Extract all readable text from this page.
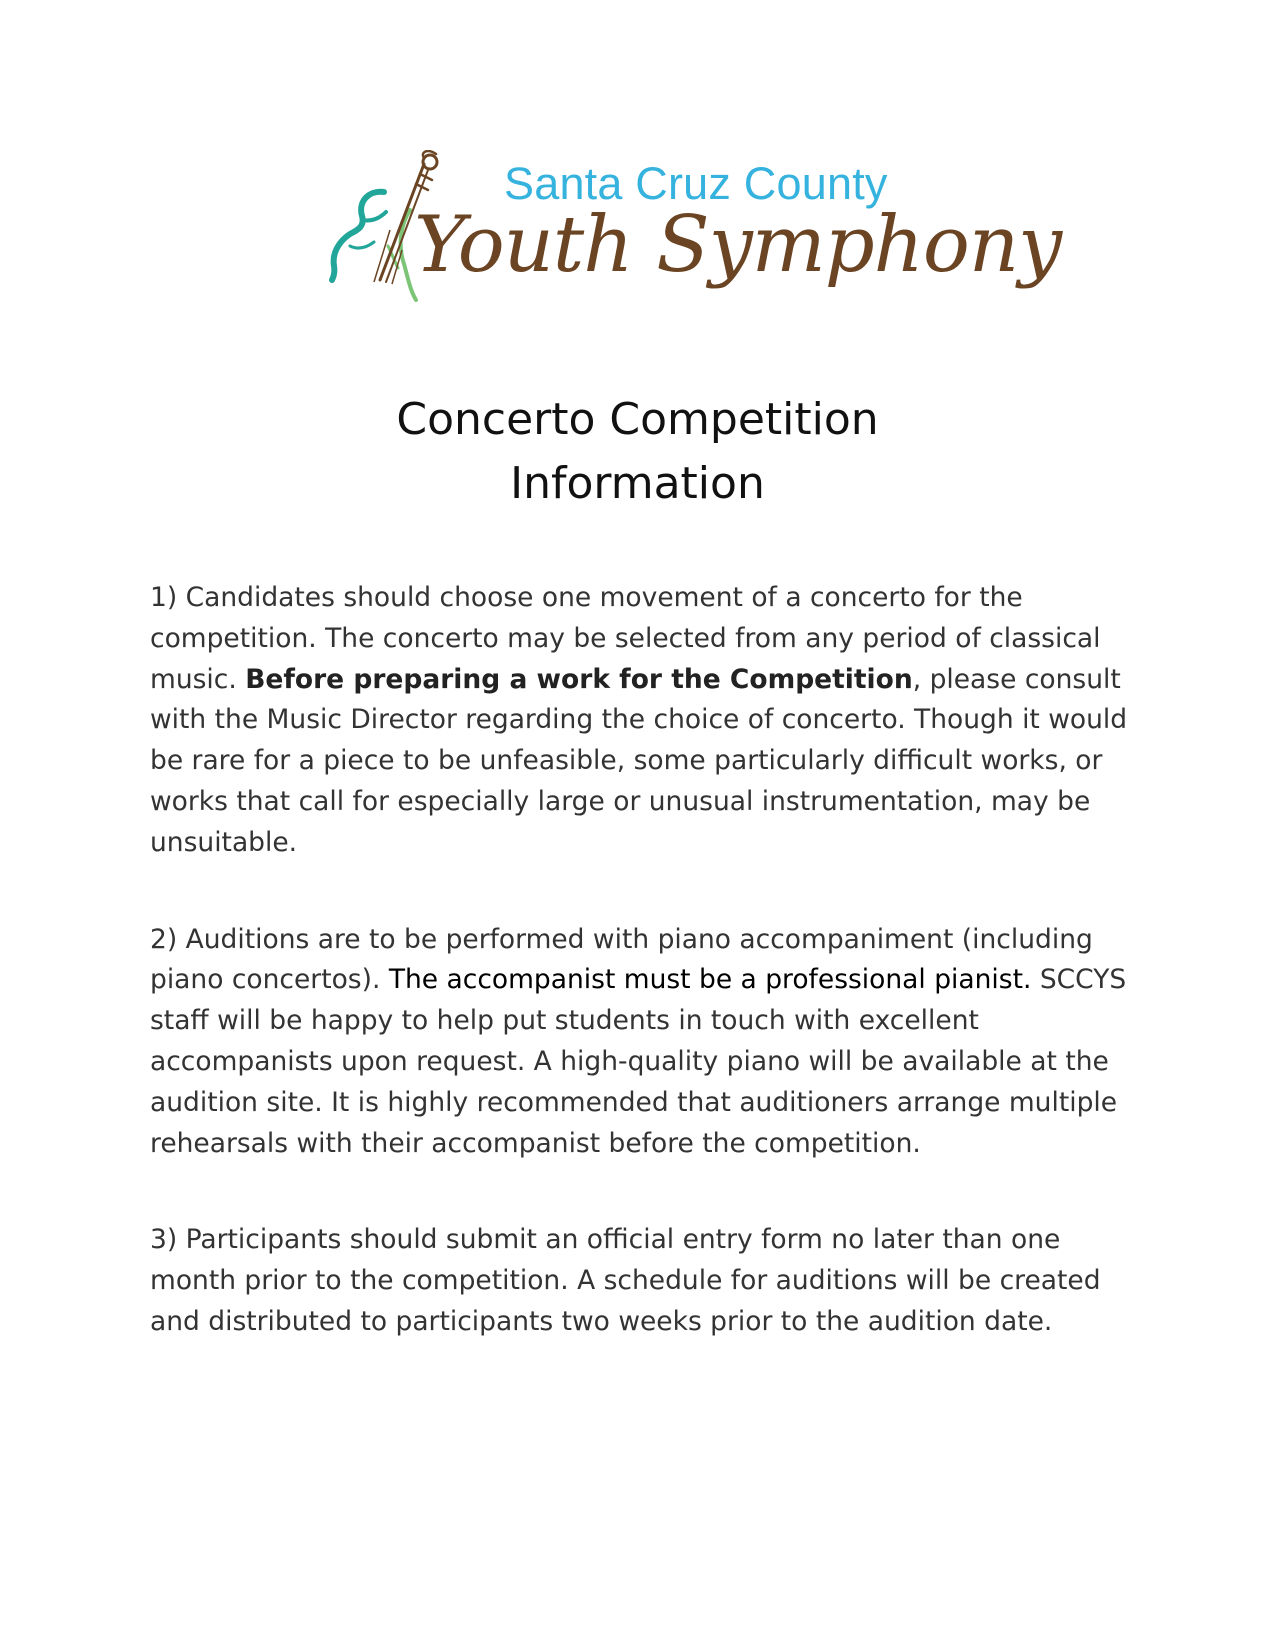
Santa Cruz County
Youth Symphony
Concerto Competition
Information

1) Candidates should choose one movement of a concerto for the competition. The concerto may be selected from any period of classical music. Before preparing a work for the Competition, please consult with the Music Director regarding the choice of concerto. Though it would be rare for a piece to be unfeasible, some particularly difficult works, or works that call for especially large or unusual instrumentation, may be unsuitable.

2) Auditions are to be performed with piano accompaniment (including piano concertos). The accompanist must be a professional pianist. SCCYS staff will be happy to help put students in touch with excellent accompanists upon request. A high-quality piano will be available at the audition site. It is highly recommended that auditioners arrange multiple rehearsals with their accompanist before the competition.

3) Participants should submit an official entry form no later than one month prior to the competition. A schedule for auditions will be created and distributed to participants two weeks prior to the audition date.
